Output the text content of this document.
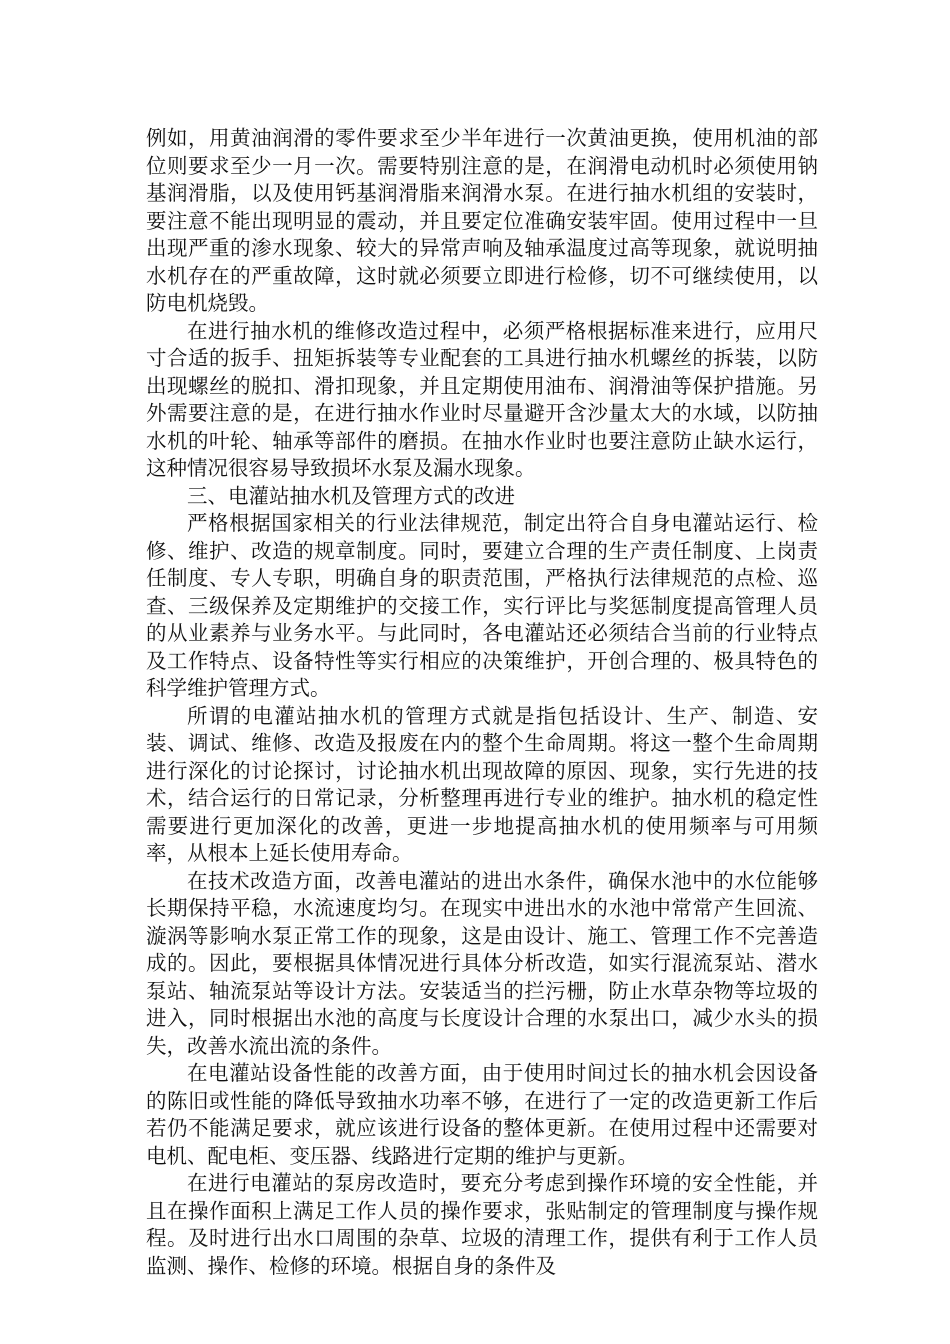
例如，用黄油润滑的零件要求至少半年进行一次黄油更换，使用机油的部位则要求至少一月一次。需要特别注意的是，在润滑电动机时必须使用钠基润滑脂，以及使用钙基润滑脂来润滑水泵。在进行抽水机组的安装时，要注意不能出现明显的震动，并且要定位准确安装牢固。使用过程中一旦出现严重的渗水现象、较大的异常声响及轴承温度过高等现象，就说明抽水机存在的严重故障，这时就必须要立即进行检修，切不可继续使用，以防电机烧毁。

在进行抽水机的维修改造过程中，必须严格根据标准来进行，应用尺寸合适的扳手、扭矩拆装等专业配套的工具进行抽水机螺丝的拆装，以防出现螺丝的脱扣、滑扣现象，并且定期使用油布、润滑油等保护措施。另外需要注意的是，在进行抽水作业时尽量避开含沙量太大的水域，以防抽水机的叶轮、轴承等部件的磨损。在抽水作业时也要注意防止缺水运行，这种情况很容易导致损坏水泵及漏水现象。

三、电灌站抽水机及管理方式的改进

严格根据国家相关的行业法律规范，制定出符合自身电灌站运行、检修、维护、改造的规章制度。同时，要建立合理的生产责任制度、上岗责任制度、专人专职，明确自身的职责范围，严格执行法律规范的点检、巡查、三级保养及定期维护的交接工作，实行评比与奖惩制度提高管理人员的从业素养与业务水平。与此同时，各电灌站还必须结合当前的行业特点及工作特点、设备特性等实行相应的决策维护，开创合理的、极具特色的科学维护管理方式。

所谓的电灌站抽水机的管理方式就是指包括设计、生产、制造、安装、调试、维修、改造及报废在内的整个生命周期。将这一整个生命周期进行深化的讨论探讨，讨论抽水机出现故障的原因、现象，实行先进的技术，结合运行的日常记录，分析整理再进行专业的维护。抽水机的稳定性需要进行更加深化的改善，更进一步地提高抽水机的使用频率与可用频率，从根本上延长使用寿命。

在技术改造方面，改善电灌站的进出水条件，确保水池中的水位能够长期保持平稳，水流速度均匀。在现实中进出水的水池中常常产生回流、漩涡等影响水泵正常工作的现象，这是由设计、施工、管理工作不完善造成的。因此，要根据具体情况进行具体分析改造，如实行混流泵站、潜水泵站、轴流泵站等设计方法。安装适当的拦污栅，防止水草杂物等垃圾的进入，同时根据出水池的高度与长度设计合理的水泵出口，减少水头的损失，改善水流出流的条件。

在电灌站设备性能的改善方面，由于使用时间过长的抽水机会因设备的陈旧或性能的降低导致抽水功率不够，在进行了一定的改造更新工作后若仍不能满足要求，就应该进行设备的整体更新。在使用过程中还需要对电机、配电柜、变压器、线路进行定期的维护与更新。

在进行电灌站的泵房改造时，要充分考虑到操作环境的安全性能，并且在操作面积上满足工作人员的操作要求，张贴制定的管理制度与操作规程。及时进行出水口周围的杂草、垃圾的清理工作，提供有利于工作人员监测、操作、检修的环境。根据自身的条件及
